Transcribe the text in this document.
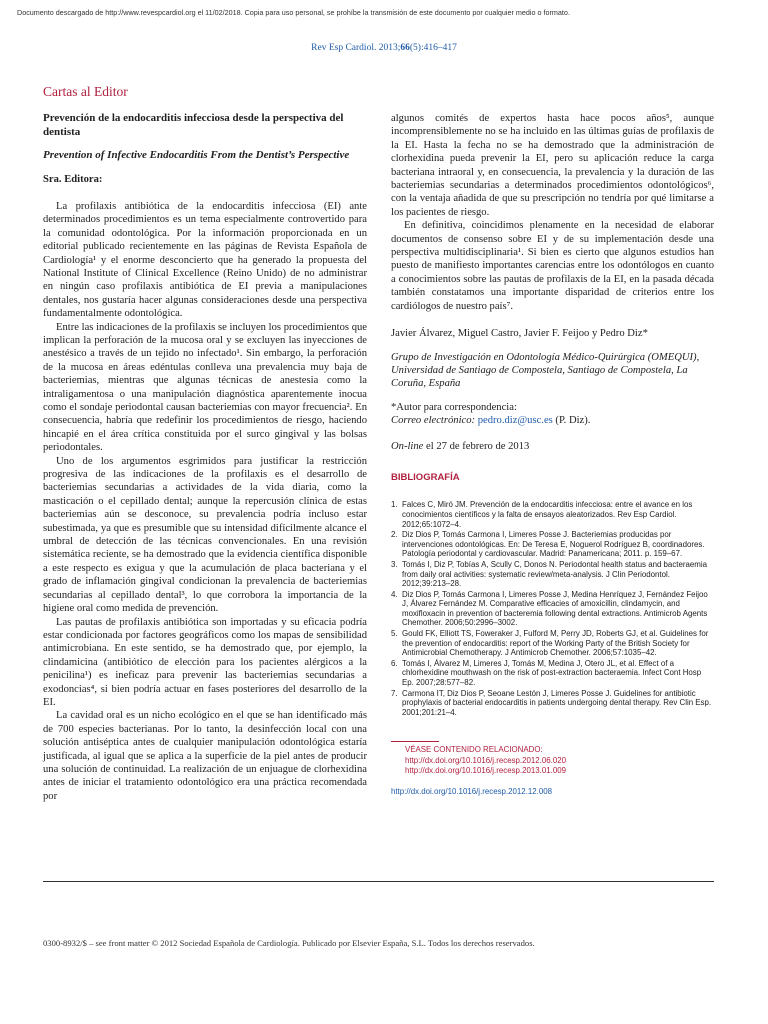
Documento descargado de http://www.revespcardiol.org el 11/02/2018. Copia para uso personal, se prohíbe la transmisión de este documento por cualquier medio o formato.
Rev Esp Cardiol. 2013;66(5):416–417
Cartas al Editor
Prevención de la endocarditis infecciosa desde la perspectiva del dentista
Prevention of Infective Endocarditis From the Dentist’s Perspective
Sra. Editora:

La profilaxis antibiótica de la endocarditis infecciosa (EI) ante determinados procedimientos es un tema especialmente controvertido para la comunidad odontológica. Por la información proporcionada en un editorial publicado recientemente en las páginas de Revista Española de Cardiología¹ y el enorme desconcierto que ha generado la propuesta del National Institute of Clinical Excellence (Reino Unido) de no administrar en ningún caso profilaxis antibiótica de EI previa a manipulaciones dentales, nos gustaría hacer algunas consideraciones desde una perspectiva fundamentalmente odontológica.

Entre las indicaciones de la profilaxis se incluyen los procedimientos que implican la perforación de la mucosa oral y se excluyen las inyecciones de anestésico a través de un tejido no infectado¹. Sin embargo, la perforación de la mucosa en áreas edéntulas conlleva una prevalencia muy baja de bacteriemias, mientras que algunas técnicas de anestesia como la intraligamentosa o una manipulación diagnóstica aparentemente inocua como el sondaje periodontal causan bacteriemias con mayor frecuencia². En consecuencia, habría que redefinir los procedimientos de riesgo, haciendo hincapié en el área crítica constituida por el surco gingival y las bolsas periodontales.

Uno de los argumentos esgrimidos para justificar la restricción progresiva de las indicaciones de la profilaxis es el desarrollo de bacteriemias secundarias a actividades de la vida diaria, como la masticación o el cepillado dental; aunque la repercusión clínica de estas bacteriemias aún se desconoce, su prevalencia podría incluso estar subestimada, ya que es presumible que su intensidad difícilmente alcance el umbral de detección de las técnicas convencionales. En una revisión sistemática reciente, se ha demostrado que la evidencia científica disponible a este respecto es exigua y que la acumulación de placa bacteriana y el grado de inflamación gingival condicionan la prevalencia de bacteriemias secundarias al cepillado dental³, lo que corrobora la importancia de la higiene oral como medida de prevención.

Las pautas de profilaxis antibiótica son importadas y su eficacia podría estar condicionada por factores geográficos como los mapas de sensibilidad antimicrobiana. En este sentido, se ha demostrado que, por ejemplo, la clindamicina (antibiótico de elección para los pacientes alérgicos a la penicilina¹) es ineficaz para prevenir las bacteriemias secundarias a exodoncias⁴, si bien podría actuar en fases posteriores del desarrollo de la EI.

La cavidad oral es un nicho ecológico en el que se han identificado más de 700 especies bacterianas. Por lo tanto, la desinfección local con una solución antiséptica antes de cualquier manipulación odontológica estaría justificada, al igual que se aplica a la superficie de la piel antes de producir una solución de continuidad. La realización de un enjuague de clorhexidina antes de iniciar el tratamiento odontológico era una práctica recomendada por

algunos comités de expertos hasta hace pocos años⁵, aunque incomprensiblemente no se ha incluido en las últimas guías de profilaxis de la EI. Hasta la fecha no se ha demostrado que la administración de clorhexidina pueda prevenir la EI, pero su aplicación reduce la carga bacteriana intraoral y, en consecuencia, la prevalencia y la duración de las bacteriemias secundarias a determinados procedimientos odontológicos⁶, con la ventaja añadida de que su prescripción no tendría por qué limitarse a los pacientes de riesgo.

En definitiva, coincidimos plenamente en la necesidad de elaborar documentos de consenso sobre EI y de su implementación desde una perspectiva multidisciplinaria¹. Si bien es cierto que algunos estudios han puesto de manifiesto importantes carencias entre los odontólogos en cuanto a conocimientos sobre las pautas de profilaxis de la EI, en la pasada década también constatamos una importante disparidad de criterios entre los cardiólogos de nuestro país⁷.

Javier Álvarez, Miguel Castro, Javier F. Feijoo y Pedro Diz*
Grupo de Investigación en Odontología Médico-Quirúrgica (OMEQUI), Universidad de Santiago de Compostela, Santiago de Compostela, La Coruña, España
*Autor para correspondencia:
Correo electrónico: pedro.diz@usc.es (P. Diz).
On-line el 27 de febrero de 2013
BIBLIOGRAFÍA
1. Falces C, Miró JM. Prevención de la endocarditis infecciosa: entre el avance en los conocimientos científicos y la falta de ensayos aleatorizados. Rev Esp Cardiol. 2012;65:1072–4.
2. Diz Dios P, Tomás Carmona I, Limeres Posse J. Bacteriemias producidas por intervenciones odontológicas. En: De Teresa E, Noguerol Rodríguez B, coordinadores. Patología periodontal y cardiovascular. Madrid: Panamericana; 2011. p. 159–67.
3. Tomás I, Diz P, Tobías A, Scully C, Donos N. Periodontal health status and bacteraemia from daily oral activities: systematic review/meta-analysis. J Clin Periodontol. 2012;39:213–28.
4. Diz Dios P, Tomás Carmona I, Limeres Posse J, Medina Henríquez J, Fernández Feijoo J, Álvarez Fernández M. Comparative efficacies of amoxicillin, clindamycin, and moxifloxacin in prevention of bacteremia following dental extractions. Antimicrob Agents Chemother. 2006;50:2996–3002.
5. Gould FK, Elliott TS, Foweraker J, Fulford M, Perry JD, Roberts GJ, et al. Guidelines for the prevention of endocarditis: report of the Working Party of the British Society for Antimicrobial Chemotherapy. J Antimicrob Chemother. 2006;57:1035–42.
6. Tomás I, Álvarez M, Limeres J, Tomás M, Medina J, Otero JL, et al. Effect of a chlorhexidine mouthwash on the risk of post-extraction bacteraemia. Infect Cont Hosp Ep. 2007;28:577–82.
7. Carmona IT, Diz Dios P, Seoane Lestón J, Limeres Posse J. Guidelines for antibiotic prophylaxis of bacterial endocarditis in patients undergoing dental therapy. Rev Clin Esp. 2001;201:21–4.
VÉASE CONTENIDO RELACIONADO:
http://dx.doi.org/10.1016/j.recesp.2012.06.020
http://dx.doi.org/10.1016/j.recesp.2013.01.009
http://dx.doi.org/10.1016/j.recesp.2012.12.008
0300-8932/$ – see front matter © 2012 Sociedad Española de Cardiología. Publicado por Elsevier España, S.L. Todos los derechos reservados.
